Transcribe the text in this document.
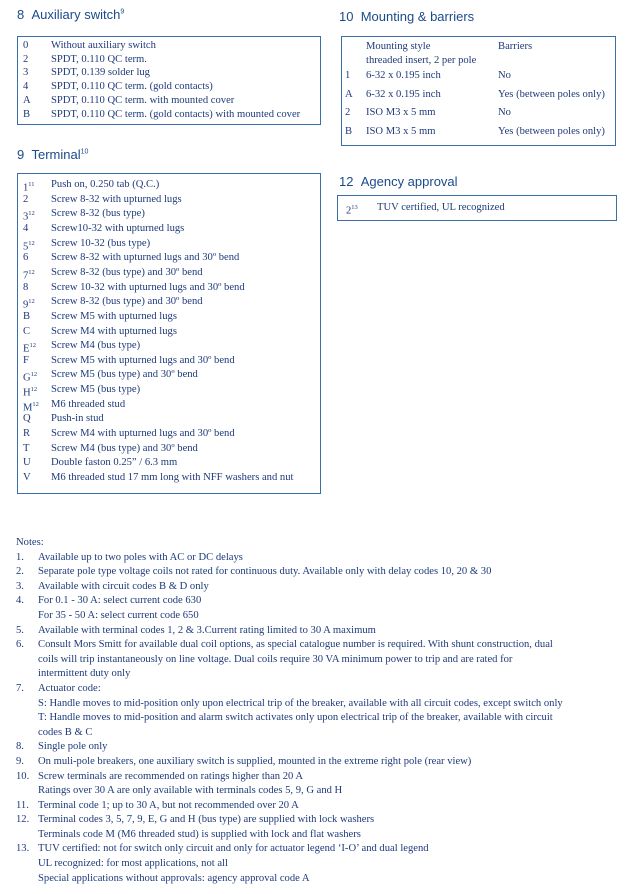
8 Auxiliary switch$^9$
0 Without auxiliary switch
2 SPDT, 0.110 QC term.
3 SPDT, 0.139 solder lug
4 SPDT, 0.110 QC term. (gold contacts)
A SPDT, 0.110 QC term. with mounted cover
B SPDT, 0.110 QC term. (gold contacts) with mounted cover
10 Mounting & barriers
Mounting style
threaded insert, 2 per pole
Barriers
1 6-32 x 0.195 inch	No
A 6-32 x 0.195 inch	Yes (between poles only)
2 ISO M3 x 5 mm	No
B ISO M3 x 5 mm	Yes (between poles only)
9 Terminal$^{10}$
$1^{11}$ Push on, 0.250 tab (Q.C.)
2 Screw 8-32 with upturned lugs
$3^{12}$ Screw 8-32 (bus type)
4 Screw10-32 with upturned lugs
$5^{12}$ Screw 10-32 (bus type)
6 Screw 8-32 with upturned lugs and 30º bend
$7^{12}$ Screw 8-32 (bus type) and 30º bend
8 Screw 10-32 with upturned lugs and 30º bend
$9^{12}$ Screw 8-32 (bus type) and 30º bend
B Screw M5 with upturned lugs
C Screw M4 with upturned lugs
$E^{12}$ Screw M4 (bus type)
F Screw M5 with upturned lugs and 30º bend
$G^{12}$ Screw M5 (bus type) and 30º bend
$H^{12}$ Screw M5 (bus type)
$M^{12}$ M6 threaded stud
Q Push-in stud
R Screw M4 with upturned lugs and 30º bend
T Screw M4 (bus type) and 30º bend
U Double faston 0.25” / 6.3 mm
V M6 threaded stud 17 mm long with NFF washers and nut
12 Agency approval
$2^{13}$ TUV certified, UL recognized
Notes:
1. Available up to two poles with AC or DC delays
2. Separate pole type voltage coils not rated for continuous duty. Available only with delay codes 10, 20 & 30
3. Available with circuit codes B & D only
4. For 0.1 - 30 A: select current code 630
For 35 - 50 A: select current code 650
5. Available with terminal codes 1, 2 & 3.Current rating limited to 30 A maximum
6. Consult Mors Smitt for available dual coil options, as special catalogue number is required. With shunt construction, dual
coils will trip instantaneously on line voltage. Dual coils require 30 VA minimum power to trip and are rated for
intermittent duty only
7. Actuator code:
S: Handle moves to mid-position only upon electrical trip of the breaker, available with all circuit codes, except switch only
T: Handle moves to mid-position and alarm switch activates only upon electrical trip of the breaker, available with circuit
codes B & C
8. Single pole only
9. On muli-pole breakers, one auxiliary switch is supplied, mounted in the extreme right pole (rear view)
10. Screw terminals are recommended on ratings higher than 20 A
Ratings over 30 A are only available with terminals codes 5, 9, G and H
11. Terminal code 1; up to 30 A, but not recommended over 20 A
12. Terminal codes 3, 5, 7, 9, E, G and H (bus type) are supplied with lock washers
Terminals code M (M6 threaded stud) is supplied with lock and flat washers
13. TUV certified: not for switch only circuit and only for actuator legend ‘I-O’ and dual legend
UL recognized: for most applications, not all
Special applications without approvals: agency approval code A
